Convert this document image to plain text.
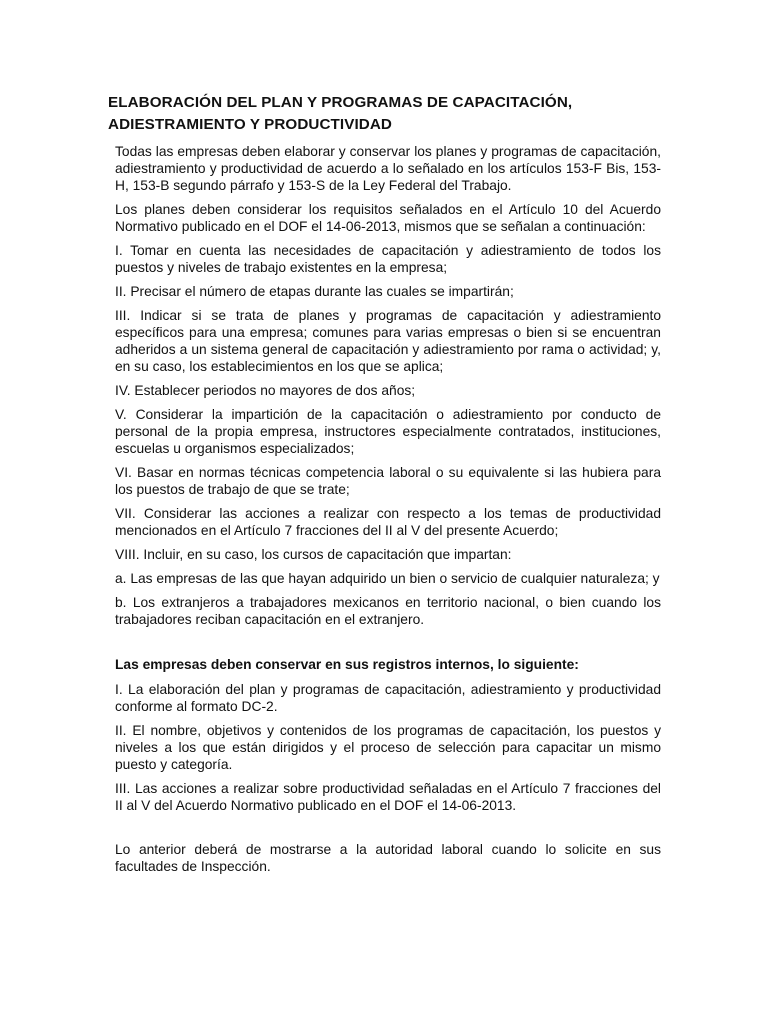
ELABORACIÓN DEL PLAN Y PROGRAMAS DE CAPACITACIÓN,
ADIESTRAMIENTO Y PRODUCTIVIDAD

Todas las empresas deben elaborar y conservar los planes y programas de capacitación, adiestramiento y productividad de acuerdo a lo señalado en los artículos 153-F Bis, 153-H, 153-B segundo párrafo y 153-S de la Ley Federal del Trabajo.

Los planes deben considerar los requisitos señalados en el Artículo 10 del Acuerdo Normativo publicado en el DOF el 14-06-2013, mismos que se señalan a continuación:

I. Tomar en cuenta las necesidades de capacitación y adiestramiento de todos los puestos y niveles de trabajo existentes en la empresa;

II. Precisar el número de etapas durante las cuales se impartirán;

III. Indicar si se trata de planes y programas de capacitación y adiestramiento específicos para una empresa; comunes para varias empresas o bien si se encuentran adheridos a un sistema general de capacitación y adiestramiento por rama o actividad; y, en su caso, los establecimientos en los que se aplica;

IV. Establecer periodos no mayores de dos años;

V. Considerar la impartición de la capacitación o adiestramiento por conducto de personal de la propia empresa, instructores especialmente contratados, instituciones, escuelas u organismos especializados;

VI. Basar en normas técnicas competencia laboral o su equivalente si las hubiera para los puestos de trabajo de que se trate;

VII. Considerar las acciones a realizar con respecto a los temas de productividad mencionados en el Artículo 7 fracciones del II al V del presente Acuerdo;

VIII. Incluir, en su caso, los cursos de capacitación que impartan:

a. Las empresas de las que hayan adquirido un bien o servicio de cualquier naturaleza; y

b. Los extranjeros a trabajadores mexicanos en territorio nacional, o bien cuando los trabajadores reciban capacitación en el extranjero.

Las empresas deben conservar en sus registros internos, lo siguiente:

I. La elaboración del plan y programas de capacitación, adiestramiento y productividad conforme al formato DC-2.

II. El nombre, objetivos y contenidos de los programas de capacitación, los puestos y niveles a los que están dirigidos y el proceso de selección para capacitar un mismo puesto y categoría.

III. Las acciones a realizar sobre productividad señaladas en el Artículo 7 fracciones del II al V del Acuerdo Normativo publicado en el DOF el 14-06-2013.

Lo anterior deberá de mostrarse a la autoridad laboral cuando lo solicite en sus facultades de Inspección.
